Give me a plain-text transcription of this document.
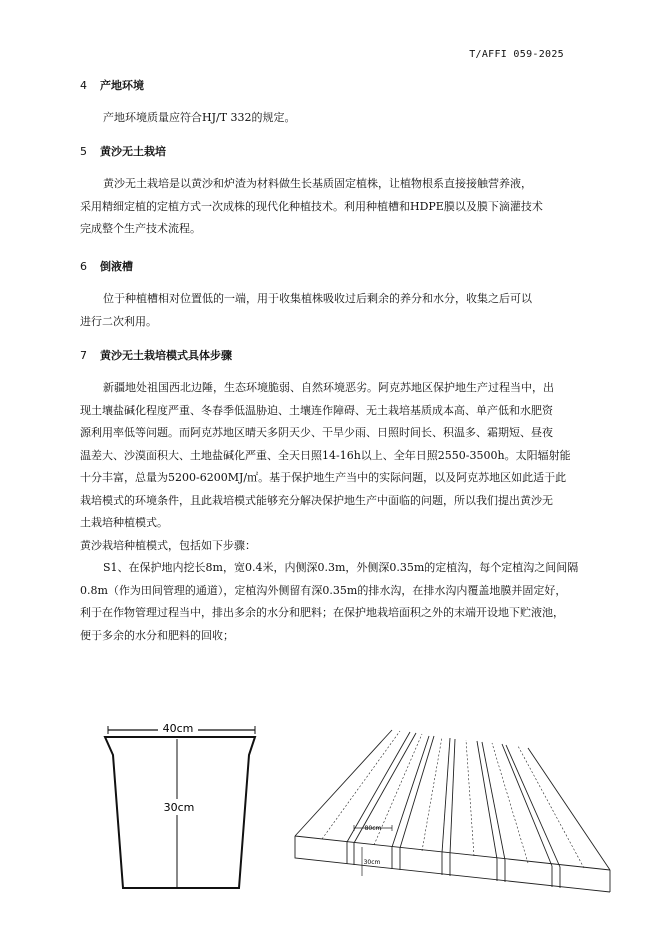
T/AFFI 059-2025
4 产地环境
产地环境质量应符合HJ/T 332的规定。
5 黄沙无土栽培
黄沙无土栽培是以黄沙和炉渣为材料做生长基质固定植株，让植物根系直接接触营养液，
采用精细定植的定植方式一次成株的现代化种植技术。利用种植槽和HDPE膜以及膜下滴灌技术
完成整个生产技术流程。
6 倒液槽
位于种植槽相对位置低的一端，用于收集植株吸收过后剩余的养分和水分，收集之后可以
进行二次利用。
7 黄沙无土栽培模式具体步骤
新疆地处祖国西北边陲，生态环境脆弱、自然环境恶劣。阿克苏地区保护地生产过程当中，出
现土壤盐碱化程度严重、冬春季低温胁迫、土壤连作障碍、无土栽培基质成本高、单产低和水肥资
源利用率低等问题。而阿克苏地区晴天多阴天少、干旱少雨、日照时间长、积温多、霜期短、昼夜
温差大、沙漠面积大、土地盐碱化严重、全天日照14-16h以上、全年日照2550-3500h。太阳辐射能
十分丰富，总量为5200-6200MJ/㎡。基于保护地生产当中的实际问题，以及阿克苏地区如此适于此
栽培模式的环境条件，且此栽培模式能够充分解决保护地生产中面临的问题，所以我们提出黄沙无
土栽培种植模式。
黄沙栽培种植模式，包括如下步骤：
S1、在保护地内挖长8m，宽0.4米，内侧深0.3m，外侧深0.35m的定植沟，每个定植沟之间间隔
0.8m（作为田间管理的通道），定植沟外侧留有深0.35m的排水沟，在排水沟内覆盖地膜并固定好，
利于在作物管理过程当中，排出多余的水分和肥料；在保护地栽培面积之外的末端开设地下贮液池，
便于多余的水分和肥料的回收；
40cm
30cm
80cm
30cm
